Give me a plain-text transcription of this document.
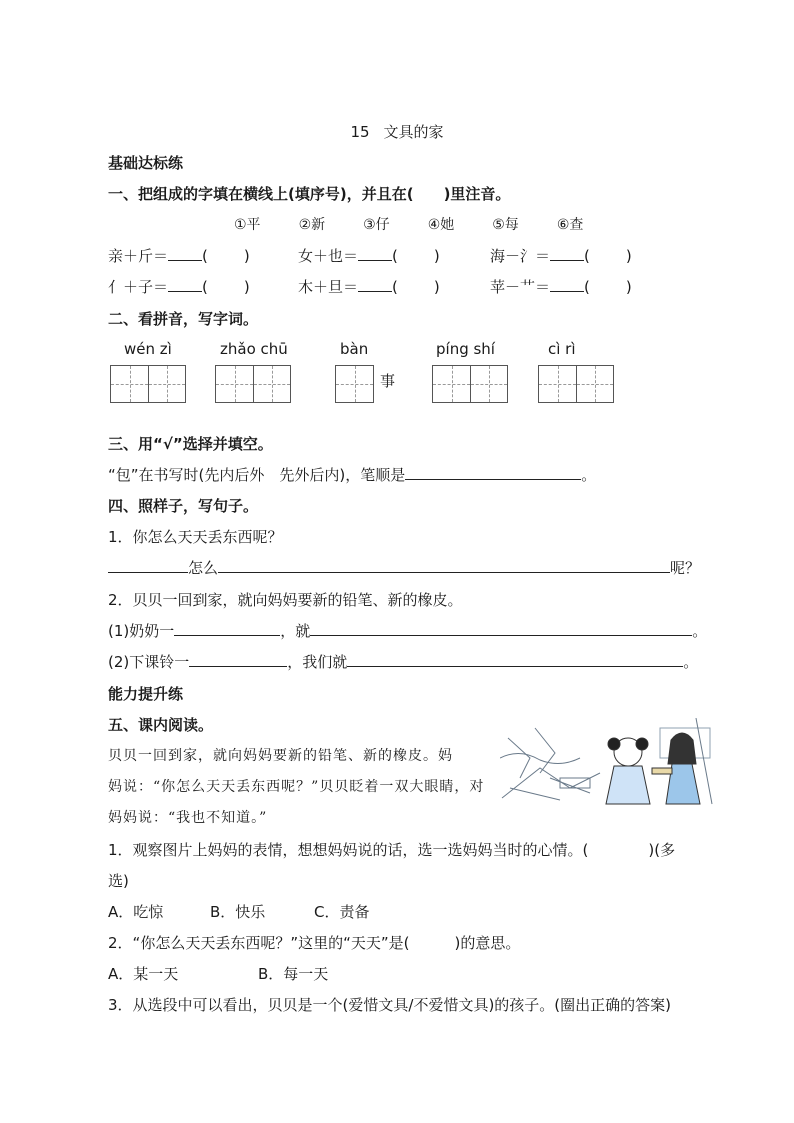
15 文具的家
基础达标练
一、把组成的字填在横线上(填序号)，并且在(　　)里注音。
①平	②新	③仔	④她	⑤每	⑥查
亲＋斤＝ ( )	女＋也＝ ( )	海－氵＝ ( )
亻＋子＝ ( )	木＋旦＝ ( )	苹－艹＝ ( )
二、看拼音，写字词。
wén zì	zhǎo chū	bàn	píng shí	cì rì
事
三、用“√”选择并填空。
“包”在书写时(先内后外　先外后内)，笔顺是	。
四、照样子，写句子。
1．你怎么天天丢东西呢？
怎么	呢？
2．贝贝一回到家，就向妈妈要新的铅笔、新的橡皮。
(1)奶奶一	，就	。
(2)下课铃一	，我们就	。
能力提升练
五、课内阅读。
贝贝一回到家，就向妈妈要新的铅笔、新的橡皮。妈
妈说：“你怎么天天丢东西呢？”贝贝眨着一双大眼睛，对
妈妈说：“我也不知道。”
1．观察图片上妈妈的表情，想想妈妈说的话，选一选妈妈当时的心情。(　　　　)(多
选)
A．吃惊	B．快乐	C．责备
2．“你怎么天天丢东西呢？”这里的“天天”是(　　　)的意思。
A．某一天	B．每一天
3．从选段中可以看出，贝贝是一个(爱惜文具/不爱惜文具)的孩子。(圈出正确的答案)
